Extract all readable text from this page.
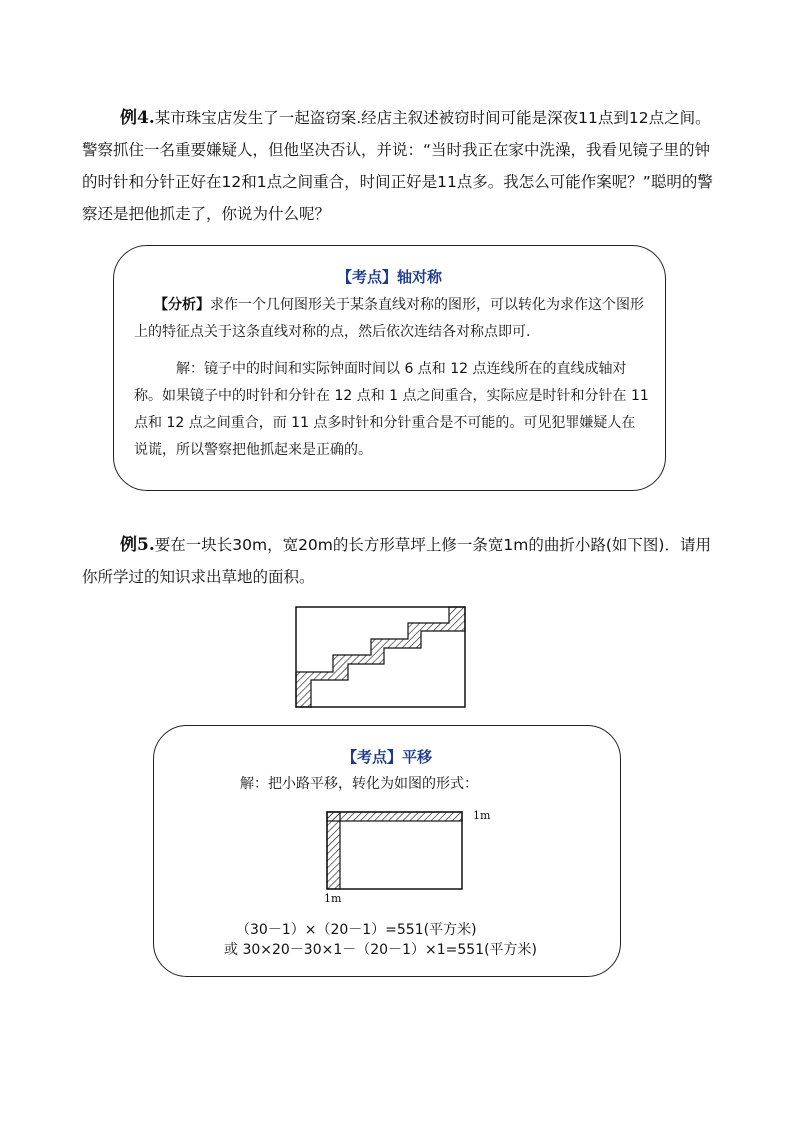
例4.某市珠宝店发生了一起盗窃案.经店主叙述被窃时间可能是深夜11点到12点之间。警察抓住一名重要嫌疑人，但他坚决否认，并说：“当时我正在家中洗澡，我看见镜子里的钟的时针和分针正好在12和1点之间重合，时间正好是11点多。我怎么可能作案呢？”聪明的警察还是把他抓走了，你说为什么呢？
【考点】轴对称
【分析】求作一个几何图形关于某条直线对称的图形，可以转化为求作这个图形上的特征点关于这条直线对称的点，然后依次连结各对称点即可.
解：镜子中的时间和实际钟面时间以 6 点和 12 点连线所在的直线成轴对称。如果镜子中的时针和分针在 12 点和 1 点之间重合，实际应是时针和分针在 11 点和 12 点之间重合，而 11 点多时针和分针重合是不可能的。可见犯罪嫌疑人在说谎，所以警察把他抓起来是正确的。
例5.要在一块长30m，宽20m的长方形草坪上修一条宽1m的曲折小路(如下图)．请用你所学过的知识求出草地的面积。
【考点】平移
解：把小路平移，转化为如图的形式：
（30－1）×（20－1）=551(平方米)
或 30×20－30×1－（20－1）×1=551(平方米)
1m
1m
